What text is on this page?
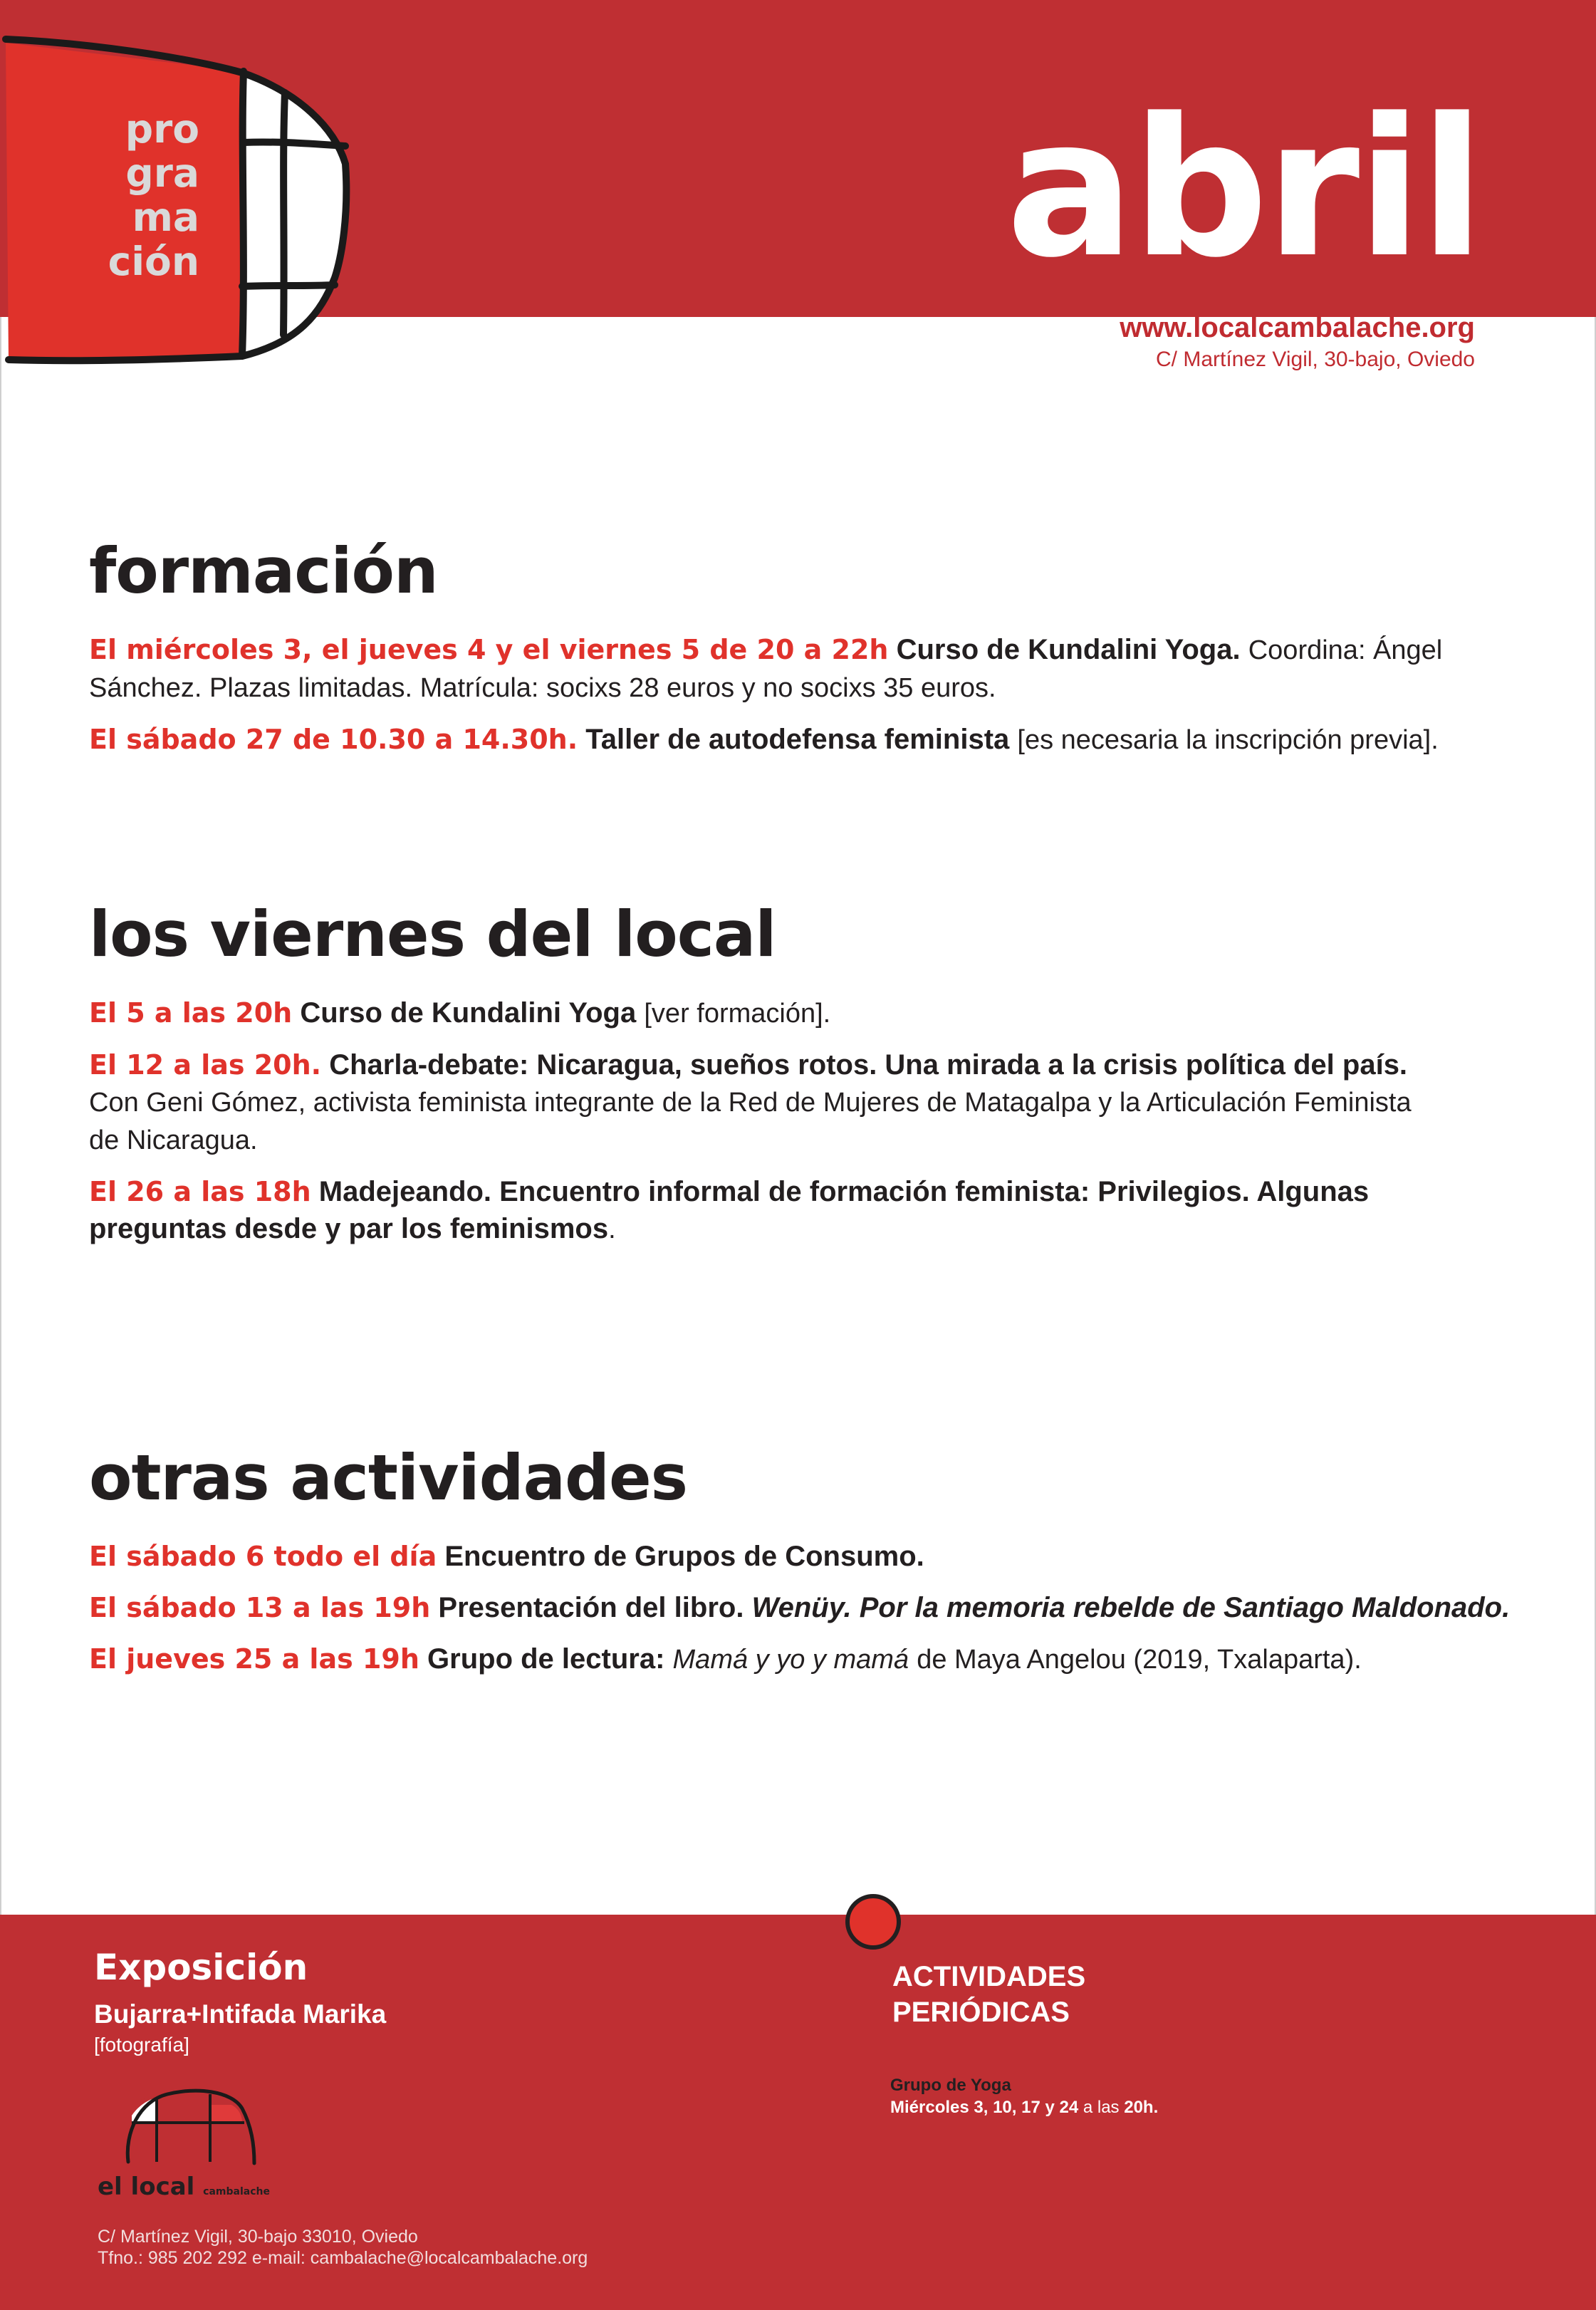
pro
gra
ma
ción	abril
www.localcambalache.org
C/ Martínez Vigil, 30-bajo, Oviedo
formación

El miércoles 3, el jueves 4 y el viernes 5 de 20 a 22h Curso de Kundalini Yoga. Coordina: Ángel Sánchez. Plazas limitadas. Matrícula: socixs 28 euros y no socixs 35 euros.

El sábado 27 de 10.30 a 14.30h. Taller de autodefensa feminista [es necesaria la inscripción previa].

los viernes del local

El 5 a las 20h Curso de Kundalini Yoga [ver formación].

El 12 a las 20h. Charla-debate: Nicaragua, sueños rotos. Una mirada a la crisis política del país. Con Geni Gómez, activista feminista integrante de la Red de Mujeres de Matagalpa y la Articulación Feminista de Nicaragua.

El 26 a las 18h Madejeando. Encuentro informal de formación feminista: Privilegios. Algunas preguntas desde y par los feminismos.

otras actividades

El sábado 6 todo el día Encuentro de Grupos de Consumo.

El sábado 13 a las 19h Presentación del libro. Wenüy. Por la memoria rebelde de Santiago Maldonado.

El jueves 25 a las 19h Grupo de lectura: Mamá y yo y mamá de Maya Angelou (2019, Txalaparta).

Exposición
Bujarra+Intifada Marika
[fotografía]
el local cambalache
C/ Martínez Vigil, 30-bajo 33010, Oviedo
Tfno.: 985 202 292 e-mail: cambalache@localcambalache.org
ACTIVIDADES
PERIÓDICAS
Grupo de Yoga
Miércoles 3, 10, 17 y 24 a las 20h.
